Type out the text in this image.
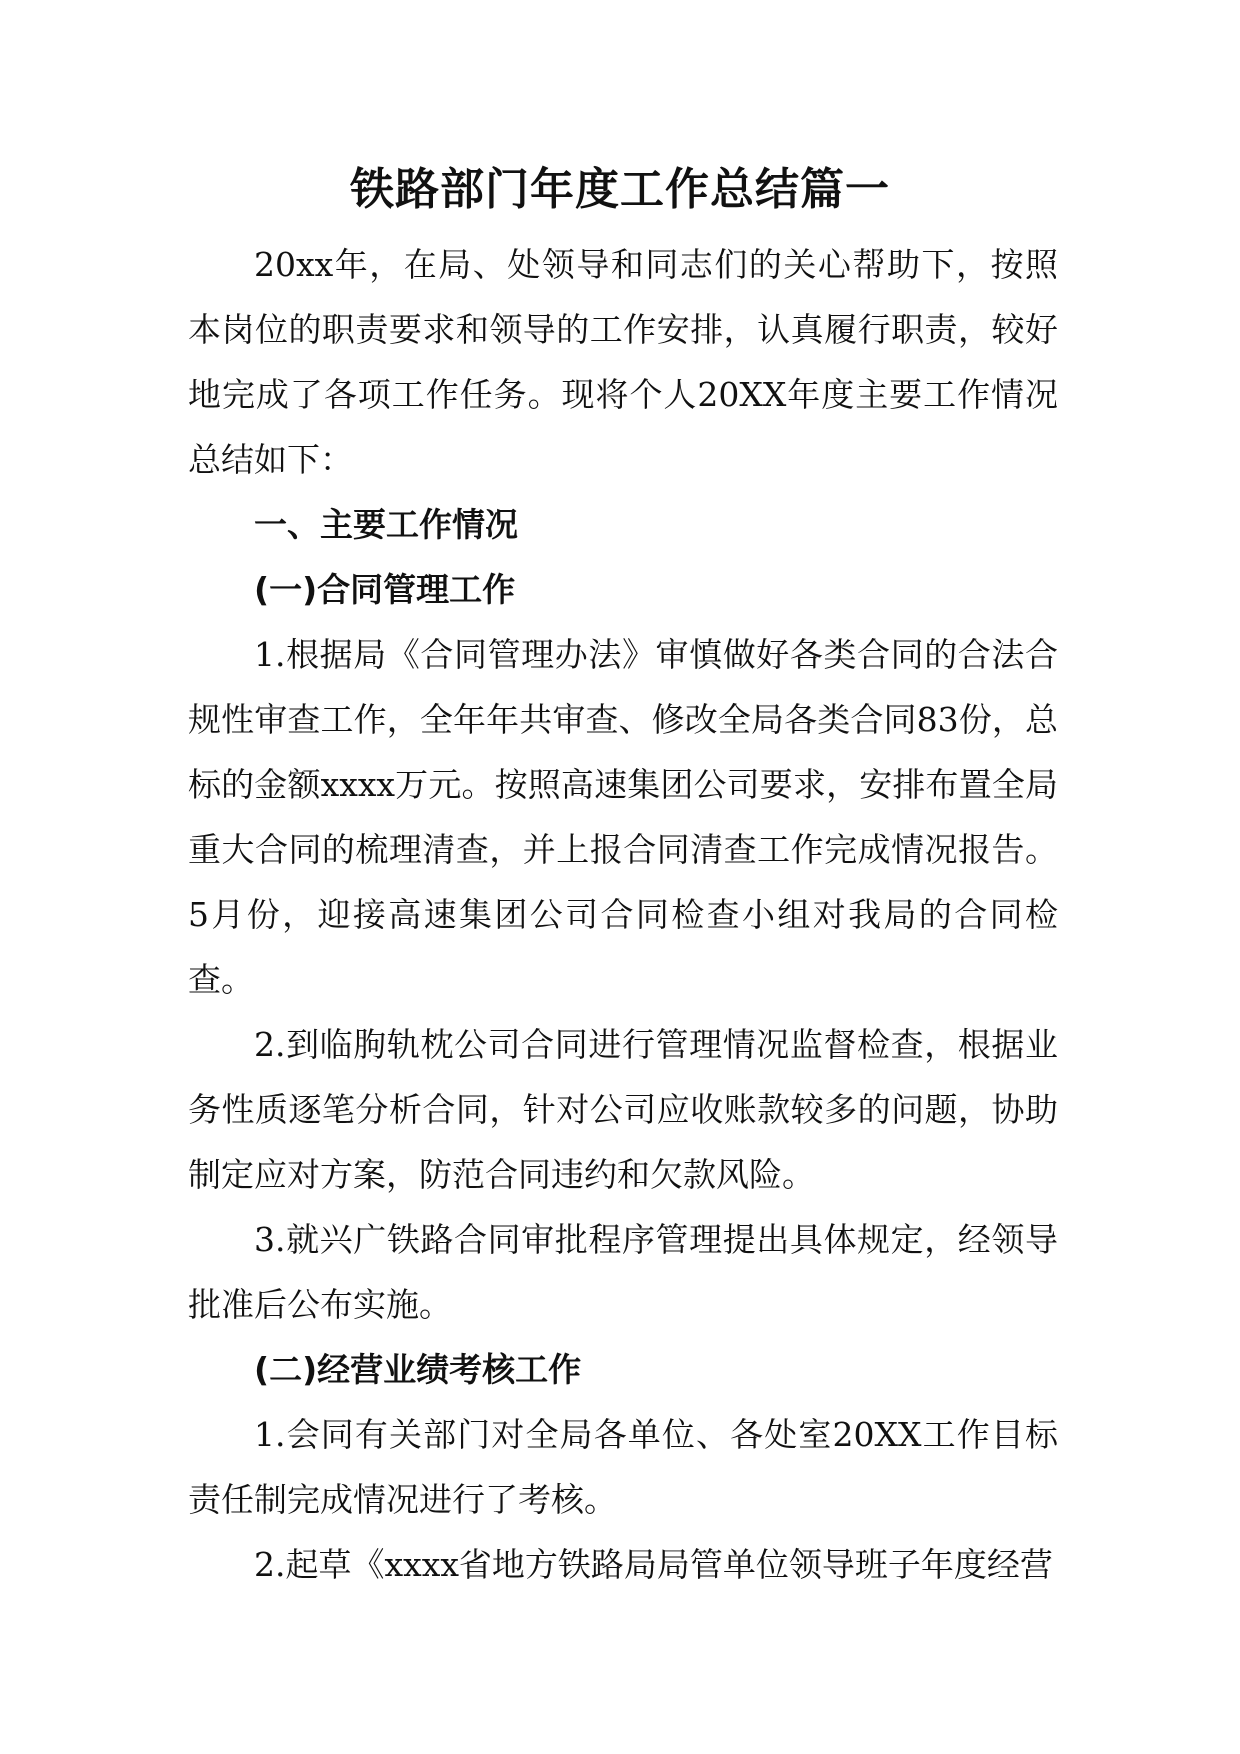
铁路部门年度工作总结篇一

20xx年，在局、处领导和同志们的关心帮助下，按照本岗位的职责要求和领导的工作安排，认真履行职责，较好地完成了各项工作任务。现将个人20XX年度主要工作情况总结如下：

一、主要工作情况

(一)合同管理工作

1.根据局《合同管理办法》审慎做好各类合同的合法合规性审查工作，全年年共审查、修改全局各类合同83份，总标的金额xxxx万元。按照高速集团公司要求，安排布置全局重大合同的梳理清查，并上报合同清查工作完成情况报告。5月份，迎接高速集团公司合同检查小组对我局的合同检查。

2.到临朐轨枕公司合同进行管理情况监督检查，根据业务性质逐笔分析合同，针对公司应收账款较多的问题，协助制定应对方案，防范合同违约和欠款风险。

3.就兴广铁路合同审批程序管理提出具体规定，经领导批准后公布实施。

(二)经营业绩考核工作

1.会同有关部门对全局各单位、各处室20XX工作目标责任制完成情况进行了考核。

2.起草《xxxx省地方铁路局局管单位领导班子年度经营
